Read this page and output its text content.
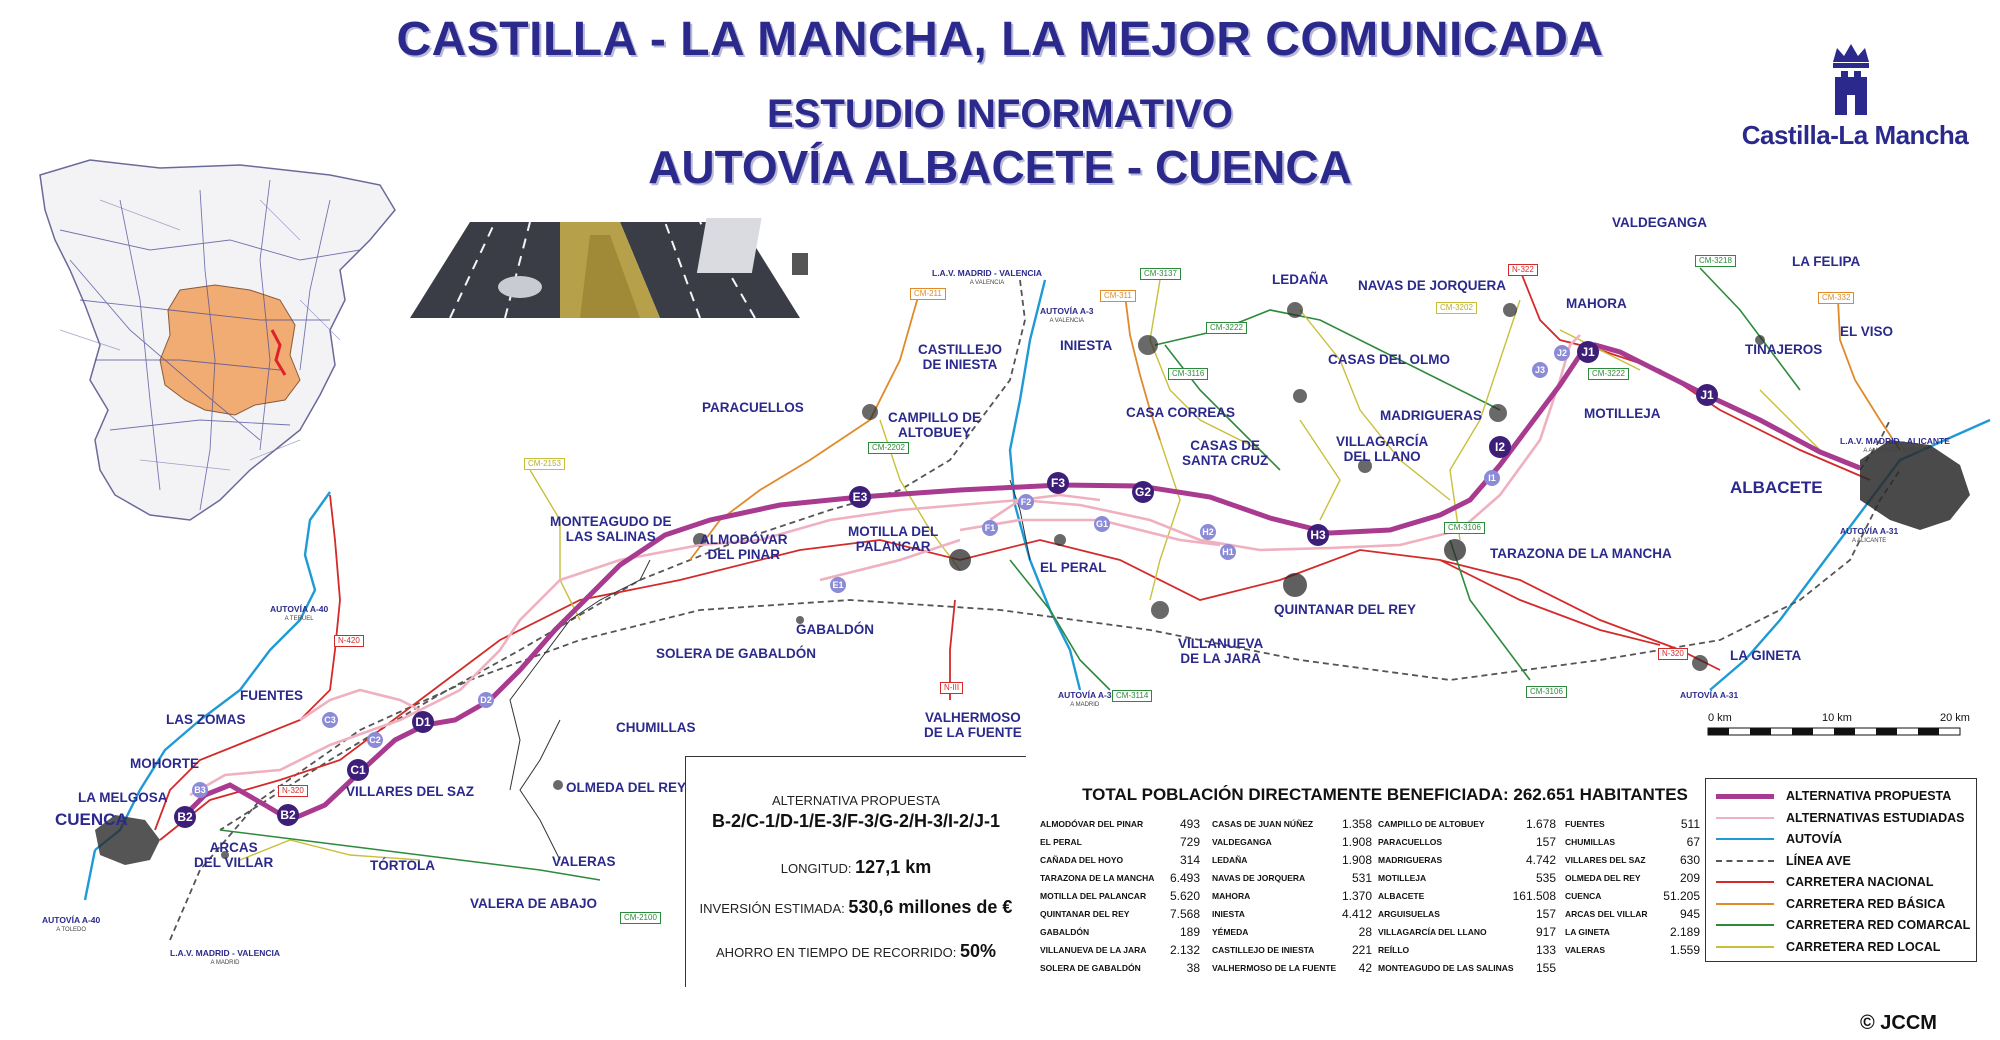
CASTILLA - LA MANCHA, LA MEJOR COMUNICADA
ESTUDIO INFORMATIVO
AUTOVÍA ALBACETE - CUENCA
Castilla-La Mancha
B2	B2
C1
D1
E3
F3
G2
H3
I2
J1
J1
B3
C3
C2
D2
E1
F1
F2
G1
H2
H1
I1
J3
J2
0 km	10 km	20 km
CUENCA
ALBACETE
VALDEGANGA
LA FELIPA
MAHORA
NAVAS DE JORQUERA
LEDAÑA
EL VISO
TINAJEROS
CASAS DEL OLMO
INIESTA
CASTILLEJO
DE INIESTA
PARACUELLOS
CAMPILLO DE
ALTOBUEY
CASA CORREAS
CASAS DE
SANTA CRUZ
MADRIGUERAS	MOTILLEJA
VILLAGARCÍA
DEL LLANO
MONTEAGUDO DE
LAS SALINAS	ALMODÓVAR
DEL PINAR
MOTILLA DEL
PALANCAR
EL PERAL
TARAZONA DE LA MANCHA
QUINTANAR DEL REY
VILLANUEVA
DE LA JARA
GABALDÓN
SOLERA DE GABALDÓN	LA GINETA
FUENTES
LAS ZOMAS
MOHORTE
LA MELGOSA
CHUMILLAS
VALHERMOSO
DE LA FUENTE
OLMEDA DEL REY
VILLARES DEL SAZ
ARCAS
DEL VILLAR	TÓRTOLA	VALERAS
VALERA DE ABAJO
CM-211
CM-3137
CM-311
N-322
CM-3218
CM-3202
CM-332
CM-3222
CM-3222
CM-3116
CM-2202
CM-2153
CM-3106
CM-3106
N-420
N-320
N-320
N-III
CM-3114
CM-2100
L.A.V. MADRID - VALENCIA
A VALENCIA
AUTOVÍA A-3
A VALENCIA
L.A.V. MADRID - ALICANTE
A ALICANTE / MURCIA
AUTOVÍA A-31
A ALICANTE
AUTOVÍA A-40
A TERUEL
AUTOVÍA A-3
A MADRID
AUTOVÍA A-31
AUTOVÍA A-40
A TOLEDO
L.A.V. MADRID - VALENCIA
A MADRID
ALTERNATIVA PROPUESTA
B-2/C-1/D-1/E-3/F-3/G-2/H-3/I-2/J-1
LONGITUD: 127,1 km
INVERSIÓN ESTIMADA: 530,6 millones de €
AHORRO EN TIEMPO DE RECORRIDO: 50%
TOTAL POBLACIÓN DIRECTAMENTE BENEFICIADA: 262.651 HABITANTES
ALMODÓVAR DEL PINAR	493
EL PERAL	729
CAÑADA DEL HOYO	314
TARAZONA DE LA MANCHA 6.493
MOTILLA DEL PALANCAR 5.620
QUINTANAR DEL REY	7.568
GABALDÓN	189
VILLANUEVA DE LA JARA 2.132
SOLERA DE GABALDÓN	38
CASAS DE JUAN NÚÑEZ 1.358
VALDEGANGA	1.908
LEDAÑA	1.908
NAVAS DE JORQUERA	531
MAHORA	1.370
INIESTA	4.412
YÉMEDA	28
CASTILLEJO DE INIESTA	221
VALHERMOSO DE LA FUENTE 42
CAMPILLO DE ALTOBUEY	1.678
PARACUELLOS	157
MADRIGUERAS	4.742
MOTILLEJA	535
ALBACETE	161.508
ARGUISUELAS	157
VILLAGARCÍA DEL LLANO	917
REÍLLO	133
MONTEAGUDO DE LAS SALINAS 155
FUENTES	511
CHUMILLAS	67
VILLARES DEL SAZ	630
OLMEDA DEL REY	209
CUENCA	51.205
ARCAS DEL VILLAR	945
LA GINETA	2.189
VALERAS	1.559
ALTERNATIVA PROPUESTA
ALTERNATIVAS ESTUDIADAS
AUTOVÍA
LÍNEA AVE
CARRETERA NACIONAL
CARRETERA RED BÁSICA
CARRETERA RED COMARCAL
CARRETERA RED LOCAL
© JCCM
